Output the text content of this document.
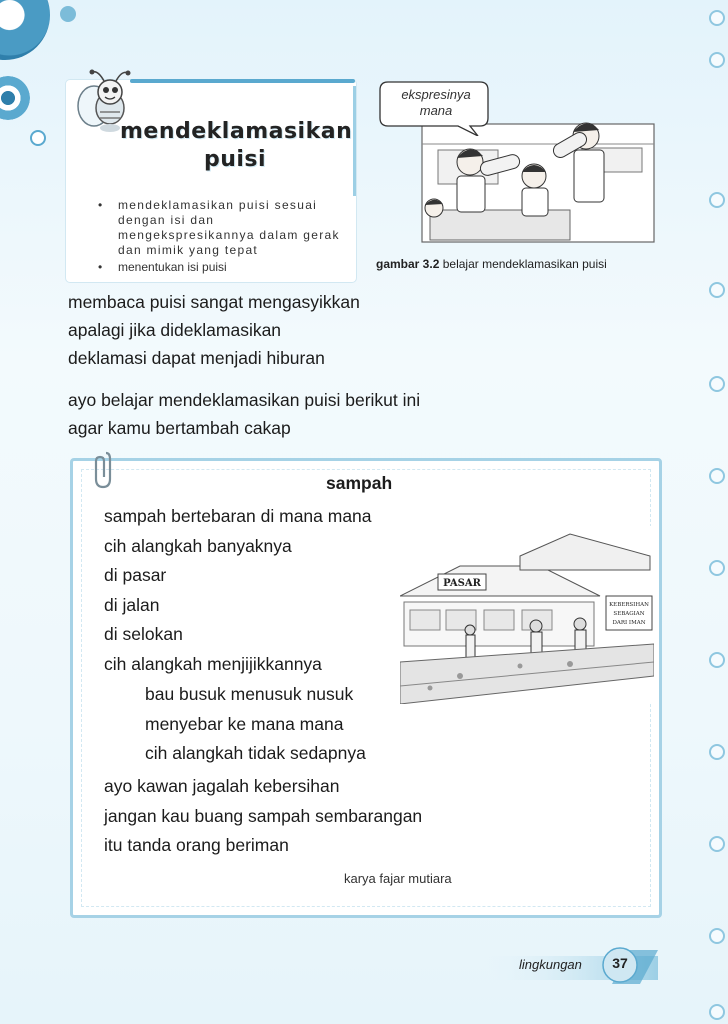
mendeklamasikan
puisi
• mendeklamasikan puisi sesuai dengan isi dan mengekspresikannya dalam gerak dan mimik yang tepat
• menentukan isi puisi
ekspresinya
mana
gambar 3.2 belajar mendeklamasikan puisi
membaca puisi sangat mengasyikkan
apalagi jika dideklamasikan
deklamasi dapat menjadi hiburan
ayo belajar mendeklamasikan puisi berikut ini
agar kamu bertambah cakap
sampah
sampah bertebaran di mana mana
cih alangkah banyaknya
di pasar
di jalan
di selokan
cih alangkah menjijikkannya
bau busuk menusuk nusuk
menyebar ke mana mana
cih alangkah tidak sedapnya
ayo kawan jagalah kebersihan
jangan kau buang sampah sembarangan
itu tanda orang beriman
karya fajar mutiara
PASAR
KEBERSIHAN
SEBAGIAN
DARI IMAN
lingkungan	37
